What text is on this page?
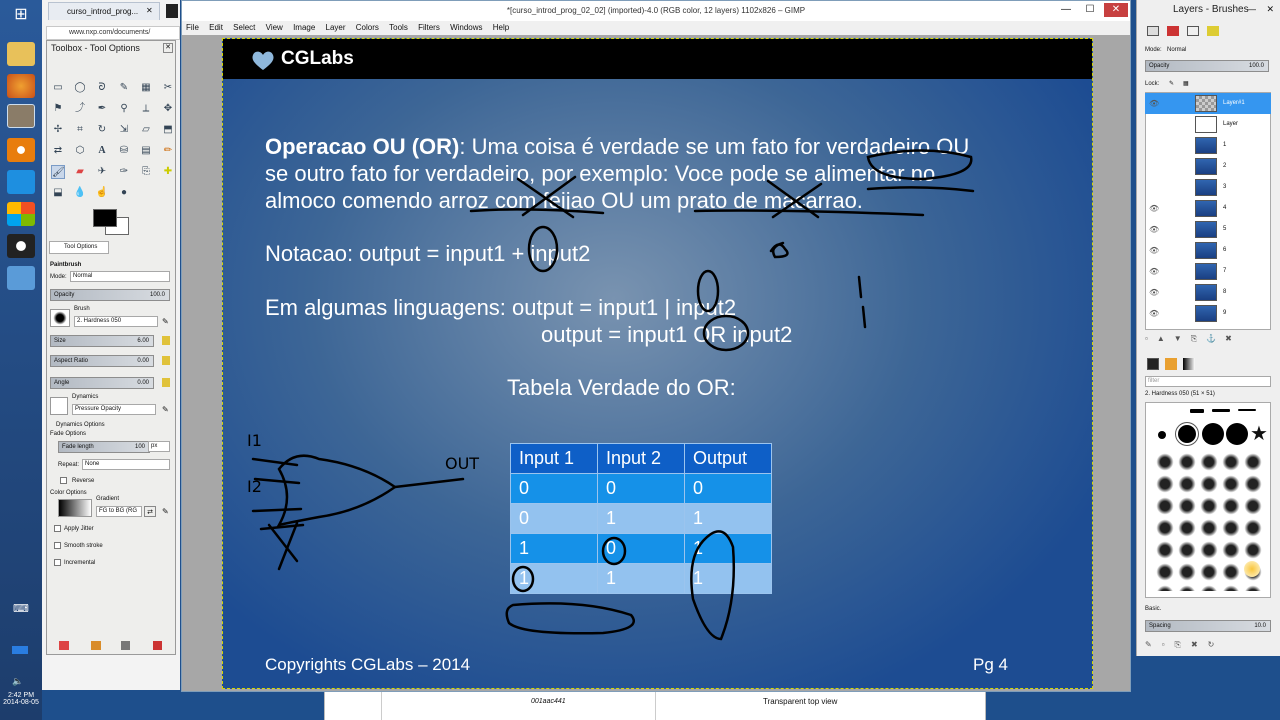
⊞
⌨
🔈
2:42 PM
2014-08-05
curso_introd_prog... ✕
www.nxp.com/documents/
Toolbox - Tool Options	✕
▭ ◯	ᘐ	✎ ▦ ✂
⚑ ⤴ ✒	⚲	⟂	✥
✢	⌗	↻ ⇲	▱	⬒
⇄ ⬡	A	⛁ ▤ ✏
🖌	▰	✈ ✑	⎘	✚
⬓ 💧 ☝	●
Tool Options
Paintbrush
Mode:	Normal
Opacity	100.0
Brush
2. Hardness 050	✎
Size	6.00
Aspect Ratio	0.00
Angle	0.00
Dynamics
Pressure Opacity	✎
Dynamics Options
Fade Options
Fade length	100	px
Repeat: None
Reverse
Color Options
Gradient
FG to BG (RG	⇄	✎
Apply Jitter
Smooth stroke
Incremental
*[curso_introd_prog_02_02] (imported)-4.0 (RGB color, 12 layers) 1102x826 – GIMP	—	☐	✕
File Edit Select View Image Layer Colors Tools Filters Windows Help
CGLabs
Operacao OU (OR): Uma coisa é verdade se um fato for verdadeiro OU
se outro fato for verdadeiro, por exemplo: Voce pode se alimentar no
almoco comendo arroz com feijao OU um prato de macarrao.
Notacao: output = input1 + input2
Em algumas linguagens: output = input1 | input2
output = input1 OR input2
Tabela Verdade do OR:
Input 1	Input 2	Output
0	0	0
0	1	1
1	0	1
1	1	1
Copyrights CGLabs – 2014	Pg 4
I1
I2
OUT
Layers - Brushes
— ✕
Mode: Normal
Opacity	100.0
Lock: ✎ ▦
👁	Layer#1
Layer
1
2
3
👁	4
👁	5
👁	6
👁	7
👁	8
👁	9
▫▲▼⎘⚓✖
filter
2. Hardness 050 (51 × 51)
★
Basic.
Spacing	10.0
✎▫⎘✖↻
001aac441	Transparent top view
